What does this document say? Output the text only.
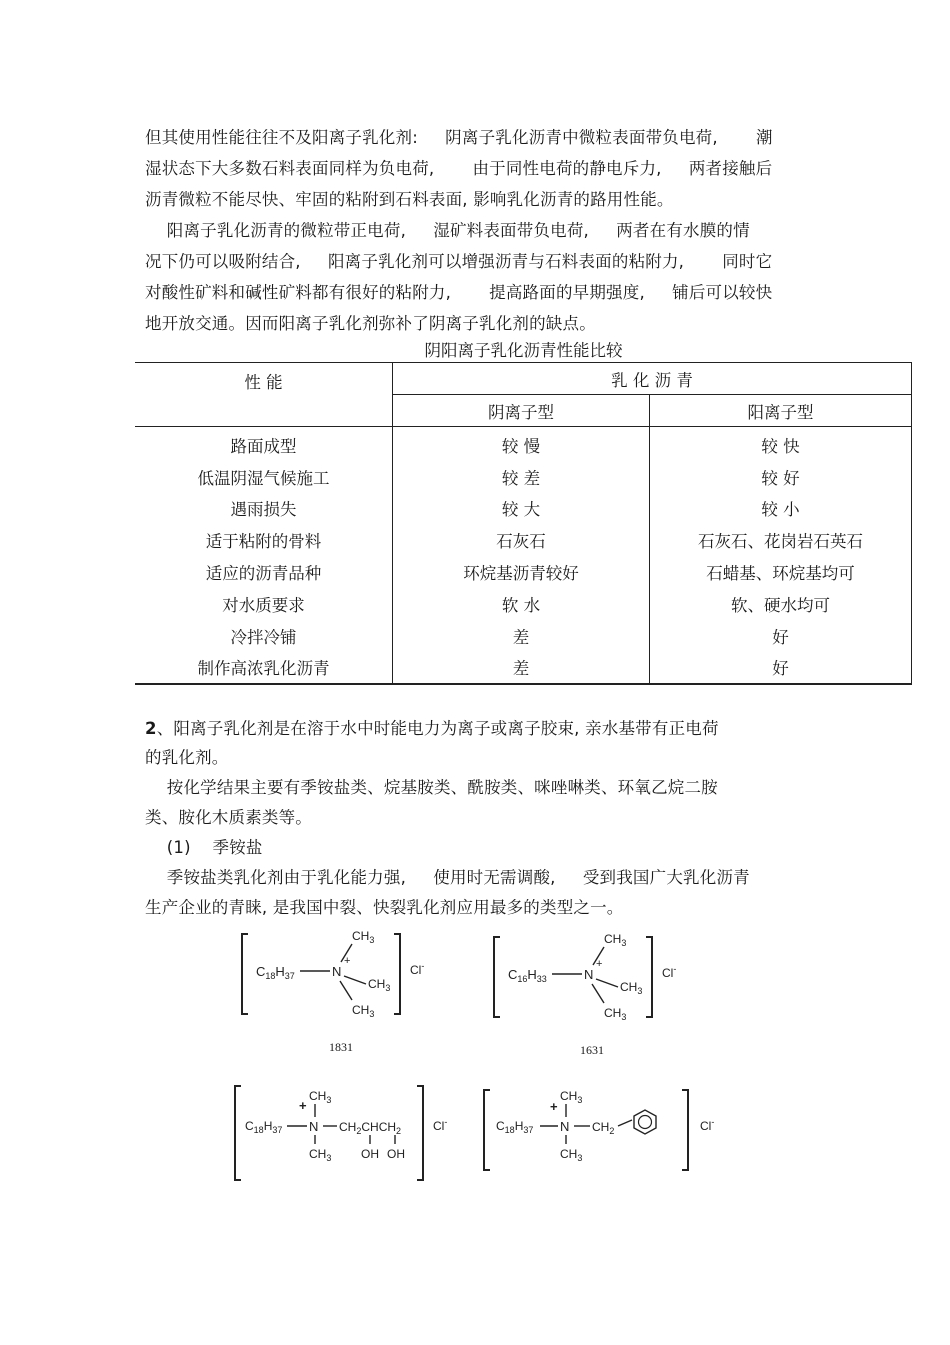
但其使用性能往往不及阳离子乳化剂:     阴离子乳化沥青中微粒表面带负电荷,       潮
湿状态下大多数石料表面同样为负电荷,       由于同性电荷的静电斥力,     两者接触后
沥青微粒不能尽快、牢固的粘附到石料表面, 影响乳化沥青的路用性能。
阳离子乳化沥青的微粒带正电荷,     湿矿料表面带负电荷,     两者在有水膜的情
况下仍可以吸附结合,     阳离子乳化剂可以增强沥青与石料表面的粘附力,       同时它
对酸性矿料和碱性矿料都有很好的粘附力,       提高路面的早期强度,     铺后可以较快
地开放交通。因而阳离子乳化剂弥补了阴离子乳化剂的缺点。
阴阳离子乳化沥青性能比较
性 能	乳 化 沥 青	
	阴离子型	阳离子型
路面成型	较 慢	较 快
低温阴湿气候施工	较 差	较 好
遇雨损失	较 大	较 小
适于粘附的骨料	石灰石	石灰石、花岗岩石英石
适应的沥青品种	环烷基沥青较好	石蜡基、环烷基均可
对水质要求	软 水	软、硬水均可
冷拌冷铺	差	好
制作高浓乳化沥青	差	好
2、阳离子乳化剂是在溶于水中时能电力为离子或离子胶束, 亲水基带有正电荷
的乳化剂。
按化学结果主要有季铵盐类、烷基胺类、酰胺类、咪唑啉类、环氧乙烷二胺
类、胺化木质素类等。
(1)    季铵盐
季铵盐类乳化剂由于乳化能力强,     使用时无需调酸,     受到我国广大乳化沥青
生产企业的青睐, 是我国中裂、快裂乳化剂应用最多的类型之一。
$C_{18}H_{37}$	N
+
$CH_3$
$CH_3$
$CH_3$
Cl-
1831
$C_{16}H_{33}$	N
+
$CH_3$
$CH_3$
$CH_3$
Cl-
1631
$C_{18}H_{37}$ N
+
$CH_3$
$CH_3$
$CH_2CHCH_2$
OH OH
Cl-	$C_{18}H_{37}$ N
+
$CH_3$
$CH_3$
$CH_2$	Cl-
